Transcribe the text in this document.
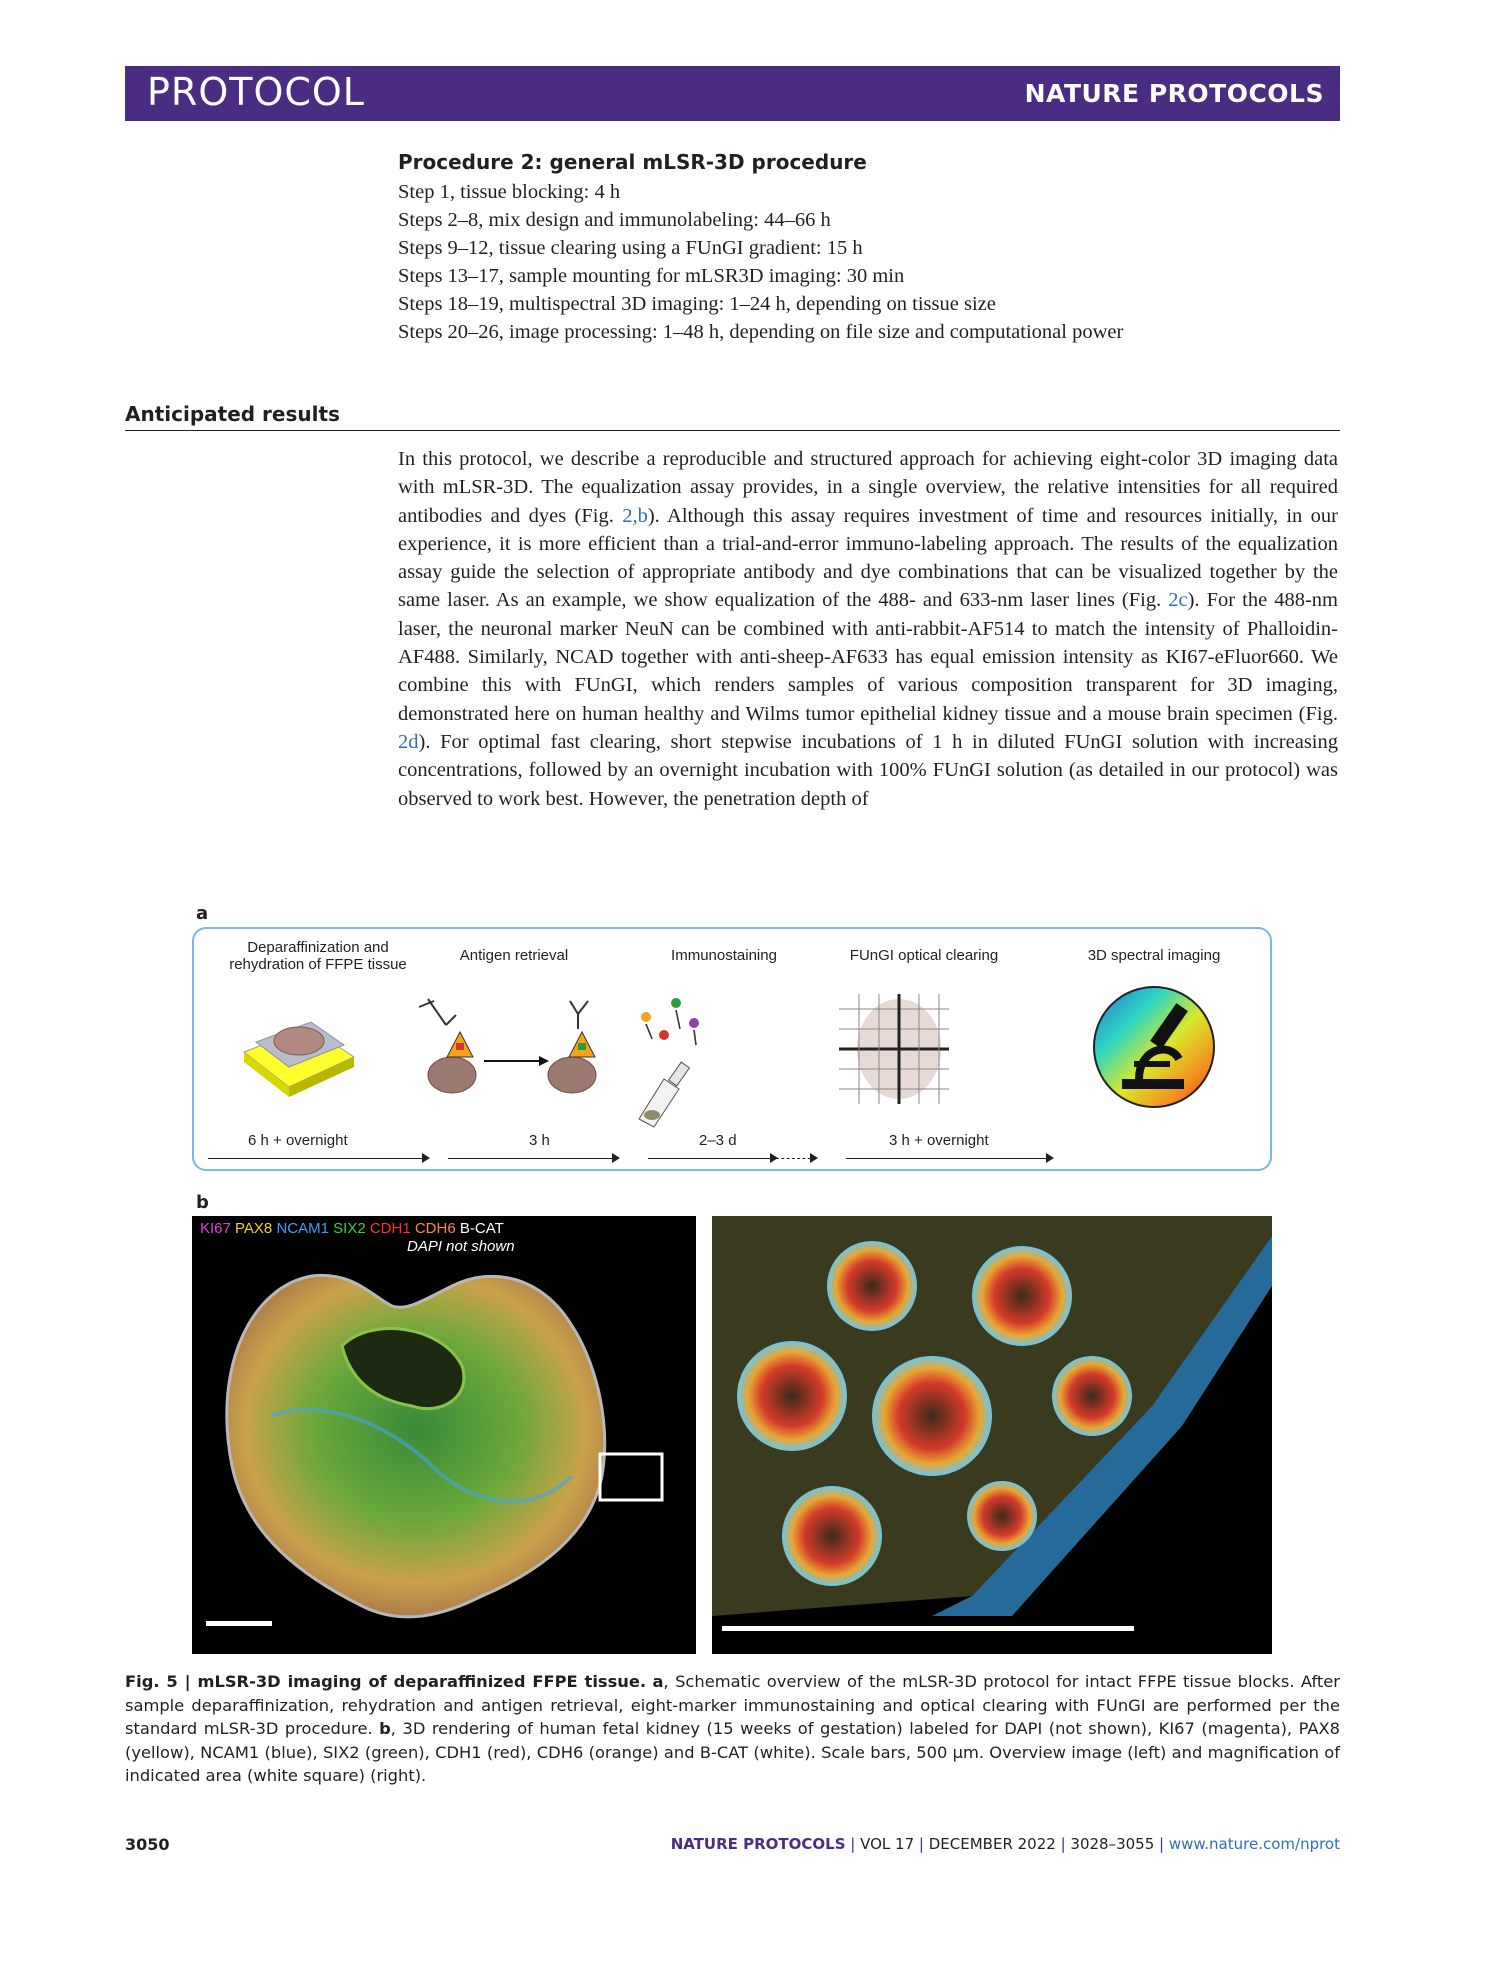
PROTOCOL	NATURE PROTOCOLS
Procedure 2: general mLSR-3D procedure
Step 1, tissue blocking: 4 h
Steps 2–8, mix design and immunolabeling: 44–66 h
Steps 9–12, tissue clearing using a FUnGI gradient: 15 h
Steps 13–17, sample mounting for mLSR3D imaging: 30 min
Steps 18–19, multispectral 3D imaging: 1–24 h, depending on tissue size
Steps 20–26, image processing: 1–48 h, depending on file size and computational power
Anticipated results
In this protocol, we describe a reproducible and structured approach for achieving eight-color 3D imaging data with mLSR-3D. The equalization assay provides, in a single overview, the relative intensities for all required antibodies and dyes (Fig. 2,b). Although this assay requires investment of time and resources initially, in our experience, it is more efficient than a trial-and-error immuno-labeling approach. The results of the equalization assay guide the selection of appropriate antibody and dye combinations that can be visualized together by the same laser. As an example, we show equalization of the 488- and 633-nm laser lines (Fig. 2c). For the 488-nm laser, the neuronal marker NeuN can be combined with anti-rabbit-AF514 to match the intensity of Phalloidin-AF488. Similarly, NCAD together with anti-sheep-AF633 has equal emission intensity as KI67-eFluor660. We combine this with FUnGI, which renders samples of various composition transparent for 3D imaging, demonstrated here on human healthy and Wilms tumor epithelial kidney tissue and a mouse brain specimen (Fig. 2d). For optimal fast clearing, short stepwise incubations of 1 h in diluted FUnGI solution with increasing concentrations, followed by an overnight incubation with 100% FUnGI solution (as detailed in our protocol) was observed to work best. However, the penetration depth of
a
Deparaffinization and rehydration of FFPE tissue
Antigen retrieval	Immunostaining	FUnGI optical clearing	3D spectral imaging
6 h + overnight	3 h	2–3 d	3 h + overnight
b
KI67 PAX8 NCAM1 SIX2 CDH1 CDH6 B-CAT
DAPI not shown
Fig. 5 | mLSR-3D imaging of deparaffinized FFPE tissue. a, Schematic overview of the mLSR-3D protocol for intact FFPE tissue blocks. After sample deparaffinization, rehydration and antigen retrieval, eight-marker immunostaining and optical clearing with FUnGI are performed per the standard mLSR-3D procedure. b, 3D rendering of human fetal kidney (15 weeks of gestation) labeled for DAPI (not shown), KI67 (magenta), PAX8 (yellow), NCAM1 (blue), SIX2 (green), CDH1 (red), CDH6 (orange) and B-CAT (white). Scale bars, 500 μm. Overview image (left) and magnification of indicated area (white square) (right).
3050	NATURE PROTOCOLS | VOL 17 | DECEMBER 2022 | 3028–3055 | www.nature.com/nprot
